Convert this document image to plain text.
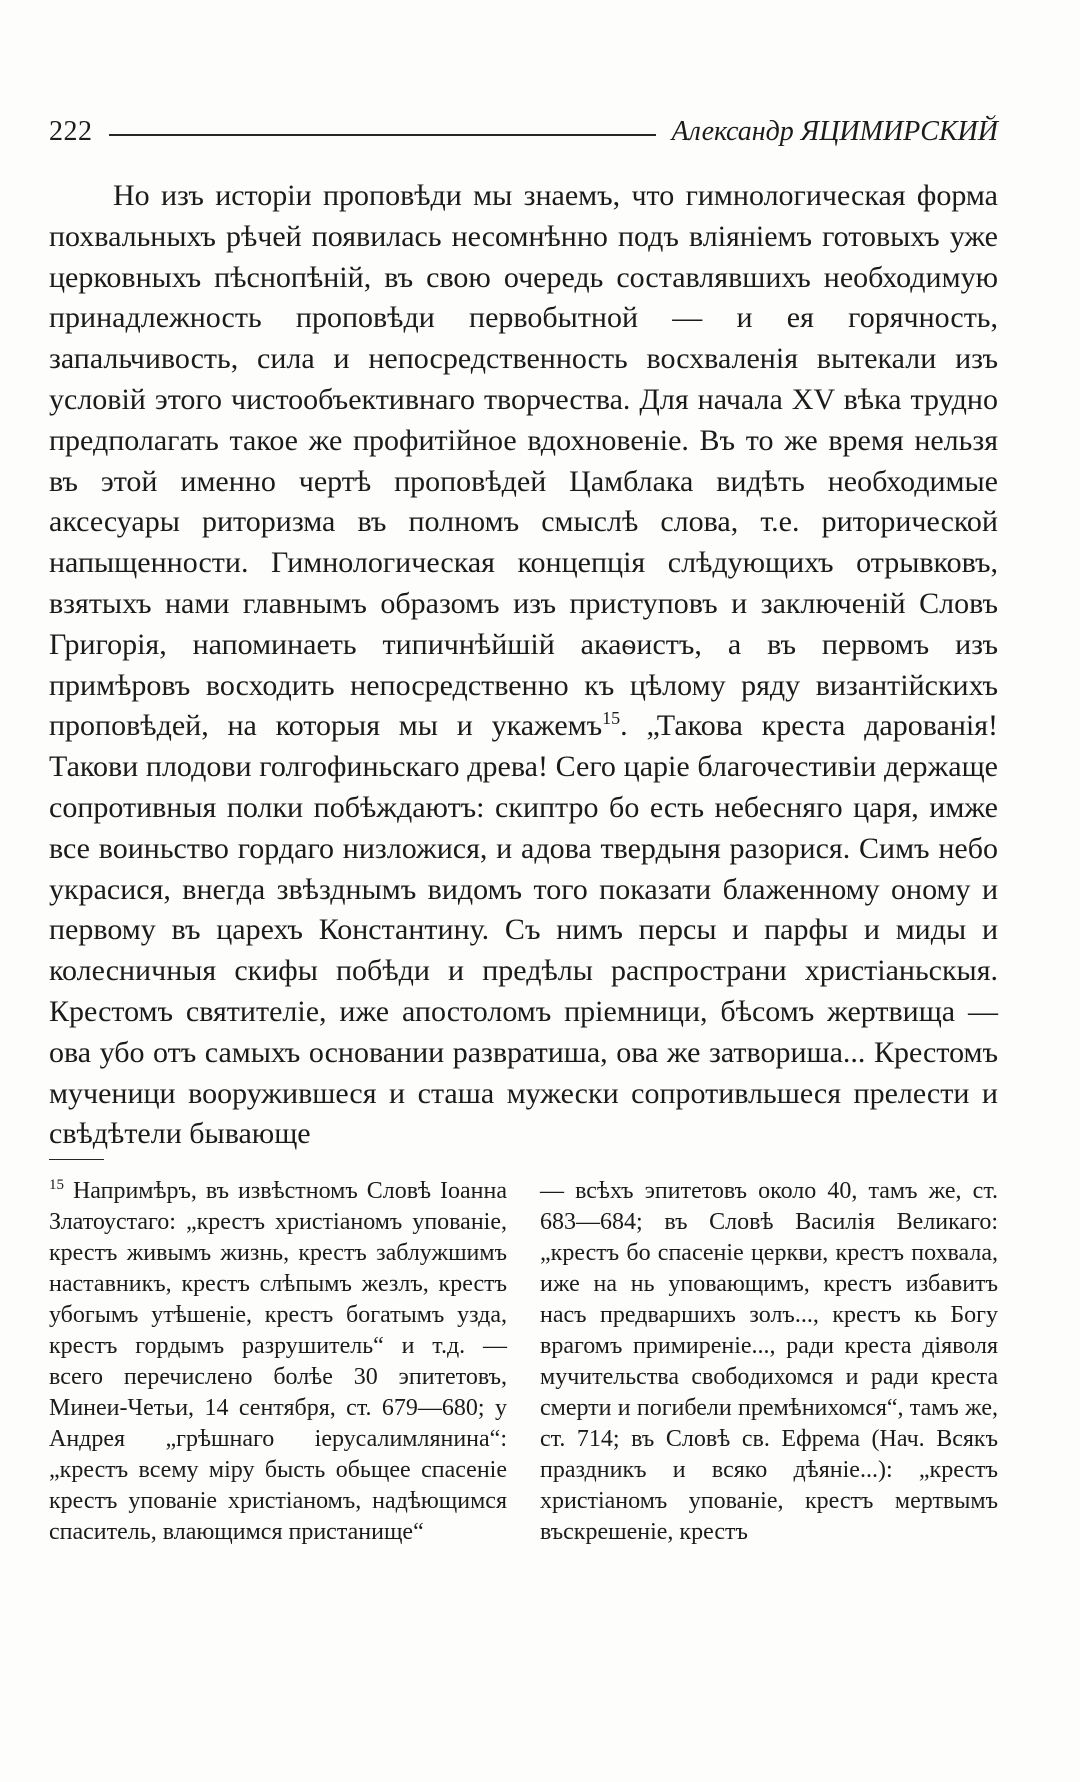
222	Александр ЯЦИМИРСКИЙ

Но изъ исторіи проповѣди мы знаемъ, что гимнологическая форма похвальныхъ рѣчей появилась несомнѣнно подъ вліяніемъ готовыхъ уже церковныхъ пѣснопѣній, въ свою очередь составлявшихъ необходимую принадлежность проповѣди первобытной — и ея горячность, запальчивость, сила и непосредственность восхваленія вытекали изъ условій этого чистообъективнаго творчества. Для начала XV вѣка трудно предполагать такое же профитійное вдохновеніе. Въ то же время нельзя въ этой именно чертѣ проповѣдей Цамблака видѣть необходимые аксесуары риторизма въ полномъ смыслѣ слова, т.е. риторической напыщенности. Гимнологическая концепція слѣдующихъ отрывковъ, взятыхъ нами главнымъ образомъ изъ приступовъ и заключеній Словъ Григорія, напоминаеть типичнѣйшій акаѳистъ, а въ первомъ изъ примѣровъ восходить непосредственно къ цѣлому ряду византійскихъ проповѣдей, на которыя мы и укажемъ$^{15}$. „Такова креста дарованія! Такови плодови голгофиньскаго древа! Сего царіе благочестивіи держаще сопротивныя полки побѣждаютъ: скиптро бо есть небесняго царя, имже все воиньство гордаго низложися, и адова твердыня разорися. Симъ небо украсися, внегда звѣзднымъ видомъ того показати блаженному оному и первому въ царехъ Константину. Съ нимъ персы и парфы и миды и колесничныя скифы побѣди и предѣлы распространи христіаньскыя. Крестомъ святителіе, иже апостоломъ пріемници, бѣсомъ жертвища — ова убо отъ самыхъ основании развратиша, ова же затвориша... Крестомъ мученици вооружившеся и сташа мужески сопротивльшеся прелести и свѣдѣтели бывающе

$^{15}$ Напримѣръ, въ извѣстномъ Словѣ Іоанна Златоустаго: „крестъ христіаномъ упованіе, крестъ живымъ жизнь, крестъ заблужшимъ наставникъ, крестъ слѣпымъ жезлъ, крестъ убогымъ утѣшеніе, крестъ богатымъ узда, крестъ гордымъ разрушитель“ и т.д. — всего перечислено болѣе 30 эпитетовъ, Минеи-Четьи, 14 сентября, ст. 679—680; у Андрея „грѣшнаго іерусалимлянина“: „крестъ всему міру бысть обьщее спасеніе крестъ упованіе христіаномъ, надѣющимся спаситель, влающимся пристанище“

— всѣхъ эпитетовъ около 40, тамъ же, ст. 683—684; въ Словѣ Василія Великаго: „крестъ бо спасеніе церкви, крестъ похвала, иже на нь уповающимъ, крестъ избавитъ насъ предваршихъ золъ..., крестъ кь Богу врагомъ примиреніе..., ради креста діяволя мучительства свободихомся и ради креста смерти и погибели премѣнихомся“, тамъ же, ст. 714; въ Словѣ св. Ефрема (Нач. Всякъ праздникъ и всяко дѣяніе...): „крестъ христіаномъ упованіе, крестъ мертвымъ въскрешеніе, крестъ
